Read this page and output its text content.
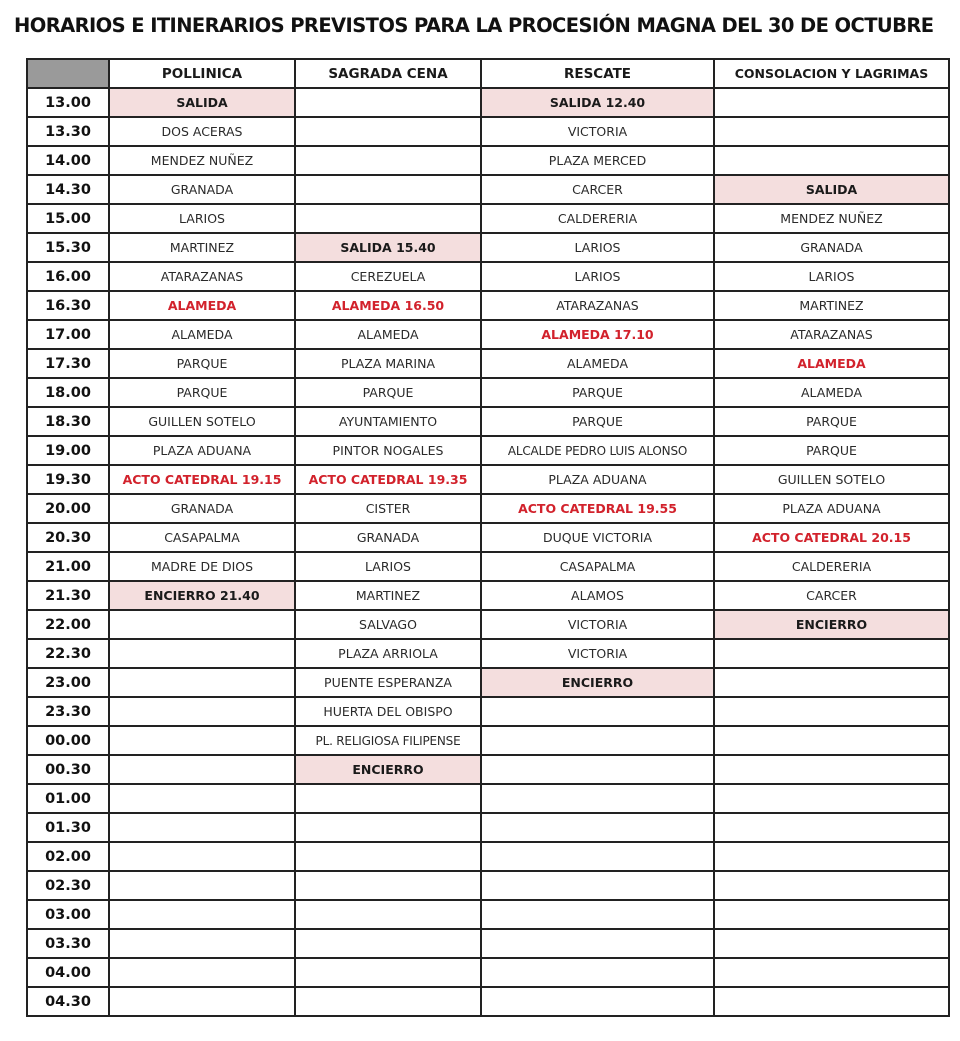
HORARIOS E ITINERARIOS PREVISTOS PARA LA PROCESIÓN MAGNA DEL 30 DE OCTUBRE
	POLLINICA	SAGRADA CENA	RESCATE	CONSOLACION Y LAGRIMAS
13.00	SALIDA		SALIDA 12.40	
13.30	DOS ACERAS		VICTORIA	
14.00	MENDEZ NUÑEZ		PLAZA MERCED	
14.30	GRANADA		CARCER	SALIDA
15.00	LARIOS		CALDERERIA	MENDEZ NUÑEZ
15.30	MARTINEZ	SALIDA 15.40	LARIOS	GRANADA
16.00	ATARAZANAS	CEREZUELA	LARIOS	LARIOS
16.30	ALAMEDA	ALAMEDA 16.50	ATARAZANAS	MARTINEZ
17.00	ALAMEDA	ALAMEDA	ALAMEDA 17.10	ATARAZANAS
17.30	PARQUE	PLAZA MARINA	ALAMEDA	ALAMEDA
18.00	PARQUE	PARQUE	PARQUE	ALAMEDA
18.30	GUILLEN SOTELO	AYUNTAMIENTO	PARQUE	PARQUE
19.00	PLAZA ADUANA	PINTOR NOGALES	ALCALDE PEDRO LUIS ALONSO	PARQUE
19.30	ACTO CATEDRAL 19.15	ACTO CATEDRAL 19.35	PLAZA ADUANA	GUILLEN SOTELO
20.00	GRANADA	CISTER	ACTO CATEDRAL 19.55	PLAZA ADUANA
20.30	CASAPALMA	GRANADA	DUQUE VICTORIA	ACTO CATEDRAL 20.15
21.00	MADRE DE DIOS	LARIOS	CASAPALMA	CALDERERIA
21.30	ENCIERRO 21.40	MARTINEZ	ALAMOS	CARCER
22.00		SALVAGO	VICTORIA	ENCIERRO
22.30		PLAZA ARRIOLA	VICTORIA	
23.00		PUENTE ESPERANZA	ENCIERRO	
23.30		HUERTA DEL OBISPO		
00.00		PL. RELIGIOSA FILIPENSE		
00.30		ENCIERRO		
01.00				
01.30				
02.00				
02.30				
03.00				
03.30				
04.00				
04.30				
